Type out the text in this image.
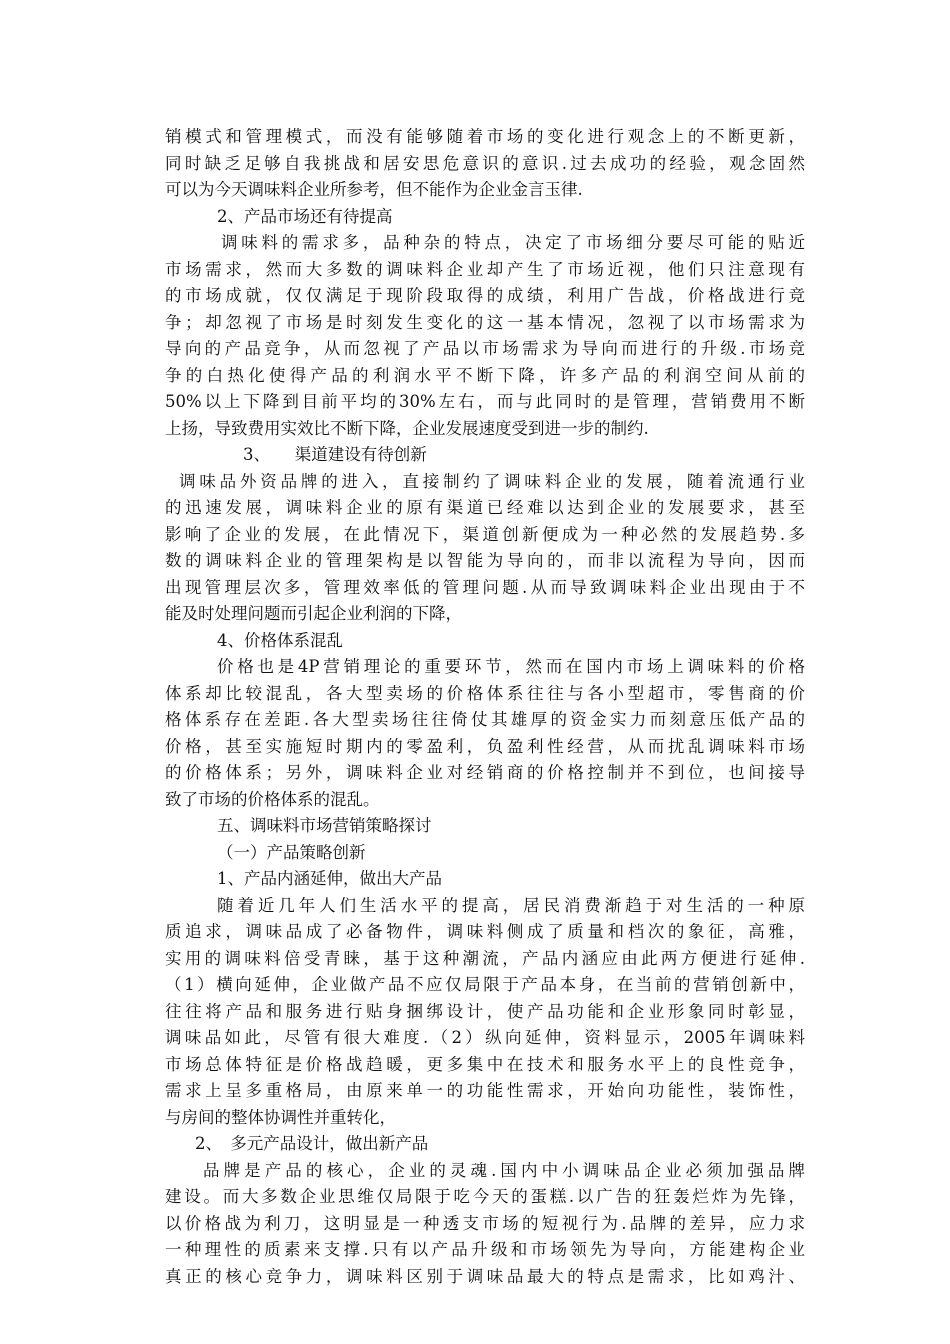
销模式和管理模式，而没有能够随着市场的变化进行观念上的不断更新，
同时缺乏足够自我挑战和居安思危意识的意识.过去成功的经验，观念固然
可以为今天调味料企业所参考，但不能作为企业金言玉律.
2、产品市场还有待提高
调味料的需求多，品种杂的特点，决定了市场细分要尽可能的贴近
市场需求，然而大多数的调味料企业却产生了市场近视，他们只注意现有
的市场成就，仅仅满足于现阶段取得的成绩，利用广告战，价格战进行竞
争；却忽视了市场是时刻发生变化的这一基本情况，忽视了以市场需求为
导向的产品竞争，从而忽视了产品以市场需求为导向而进行的升级.市场竞
争的白热化使得产品的利润水平不断下降，许多产品的利润空间从前的
50%以上下降到目前平均的30%左右，而与此同时的是管理，营销费用不断
上扬，导致费用实效比不断下降，企业发展速度受到进一步的制约.
3、　　渠道建设有待创新
调味品外资品牌的进入，直接制约了调味料企业的发展，随着流通行业
的迅速发展，调味料企业的原有渠道已经难以达到企业的发展要求，甚至
影响了企业的发展，在此情况下，渠道创新便成为一种必然的发展趋势.多
数的调味料企业的管理架构是以智能为导向的，而非以流程为导向，因而
出现管理层次多，管理效率低的管理问题.从而导致调味料企业出现由于不
能及时处理问题而引起企业利润的下降，
4、价格体系混乱
价格也是4P营销理论的重要环节，然而在国内市场上调味料的价格
体系却比较混乱，各大型卖场的价格体系往往与各小型超市，零售商的价
格体系存在差距.各大型卖场往往倚仗其雄厚的资金实力而刻意压低产品的
价格，甚至实施短时期内的零盈利，负盈利性经营，从而扰乱调味料市场
的价格体系；另外，调味料企业对经销商的价格控制并不到位，也间接导
致了市场的价格体系的混乱。
五、调味料市场营销策略探讨
（一）产品策略创新
1、产品内涵延伸，做出大产品
随着近几年人们生活水平的提高，居民消费渐趋于对生活的一种原
质追求，调味品成了必备物件，调味料侧成了质量和档次的象征，高雅，
实用的调味料倍受青睐，基于这种潮流，产品内涵应由此两方便进行延伸.
（1）横向延伸，企业做产品不应仅局限于产品本身，在当前的营销创新中，
往往将产品和服务进行贴身捆绑设计，使产品功能和企业形象同时彰显，
调味品如此，尽管有很大难度.（2）纵向延伸，资料显示，2005年调味料
市场总体特征是价格战趋暖，更多集中在技术和服务水平上的良性竞争，
需求上呈多重格局，由原来单一的功能性需求，开始向功能性，装饰性，
与房间的整体协调性并重转化，
2、　多元产品设计，做出新产品
品牌是产品的核心，企业的灵魂.国内中小调味品企业必须加强品牌
建设。而大多数企业思维仅局限于吃今天的蛋糕.以广告的狂轰烂炸为先锋，
以价格战为利刀，这明显是一种透支市场的短视行为.品牌的差异，应力求
一种理性的质素来支撑.只有以产品升级和市场领先为导向，方能建构企业
真正的核心竞争力，调味料区别于调味品最大的特点是需求，比如鸡汁、
